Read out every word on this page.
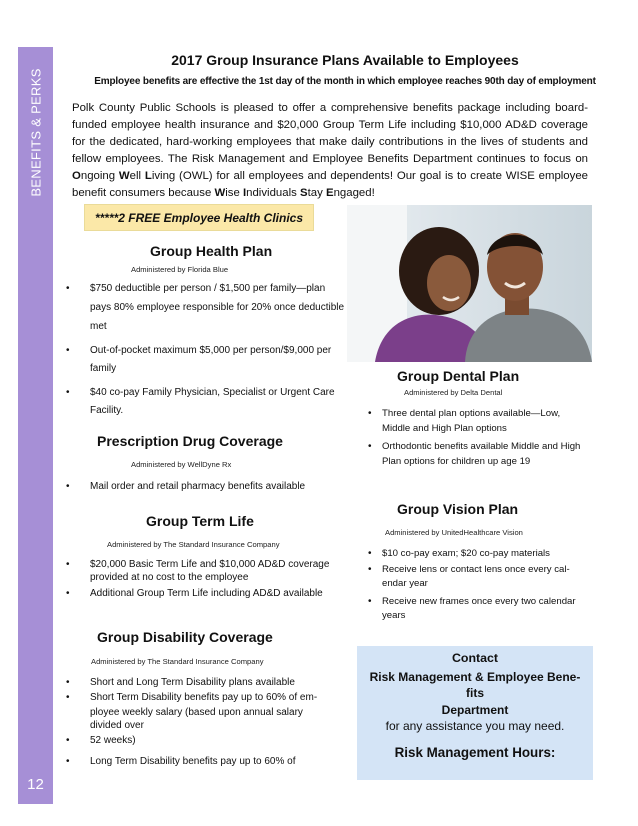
BENEFITS & PERKS
12
2017 Group Insurance Plans Available to Employees
Employee benefits are effective the 1st day of the month in which employee reaches 90th day of employment
Polk County Public Schools is pleased to offer a comprehensive benefits package including board-funded employee health insurance and $20,000 Group Term Life including $10,000 AD&D coverage for the dedicated, hard-working employees that make daily contributions in the lives of students and fellow employees. The Risk Management and Employee Benefits Department continues to focus on Ongoing Well Living (OWL) for all employees and dependents! Our goal is to create WISE employee benefit consumers because Wise Individuals Stay Engaged!
*****2 FREE Employee Health Clinics
Group Health Plan
Administered by Florida Blue
• $750 deductible per person / $1,500 per family—plan pays 80% employee responsible for 20% once deductible met
• Out-of-pocket maximum $5,000 per person/$9,000 per family
• $40 co-pay Family Physician, Specialist or Urgent Care Facility.
Prescription Drug Coverage
Administered by WellDyne Rx
• Mail order and retail pharmacy benefits available
Group Term Life
Administered by The Standard Insurance Company
• $20,000 Basic Term Life and $10,000 AD&D coverage provided at no cost to the employee
• Additional Group Term Life including AD&D available
Group Disability Coverage
Administered by The Standard Insurance Company
• Short and Long Term Disability plans available
• Short Term Disability benefits pay up to 60% of em-
ployee weekly salary (based upon annual salary divided over
• 52 weeks)
• Long Term Disability benefits pay up to 60% of
Group Dental Plan
Administered by Delta Dental
• Three dental plan options available—Low, Middle and High Plan options
• Orthodontic benefits available Middle and High Plan options for children up age 19
Group Vision Plan
Administered by UnitedHealthcare Vision
• $10 co-pay exam; $20 co-pay materials
• Receive lens or contact lens once every cal-endar year
• Receive new frames once every two calendar years
Contact
Risk Management & Employee Bene-
fits
Department
for any assistance you may need.
Risk Management Hours:
